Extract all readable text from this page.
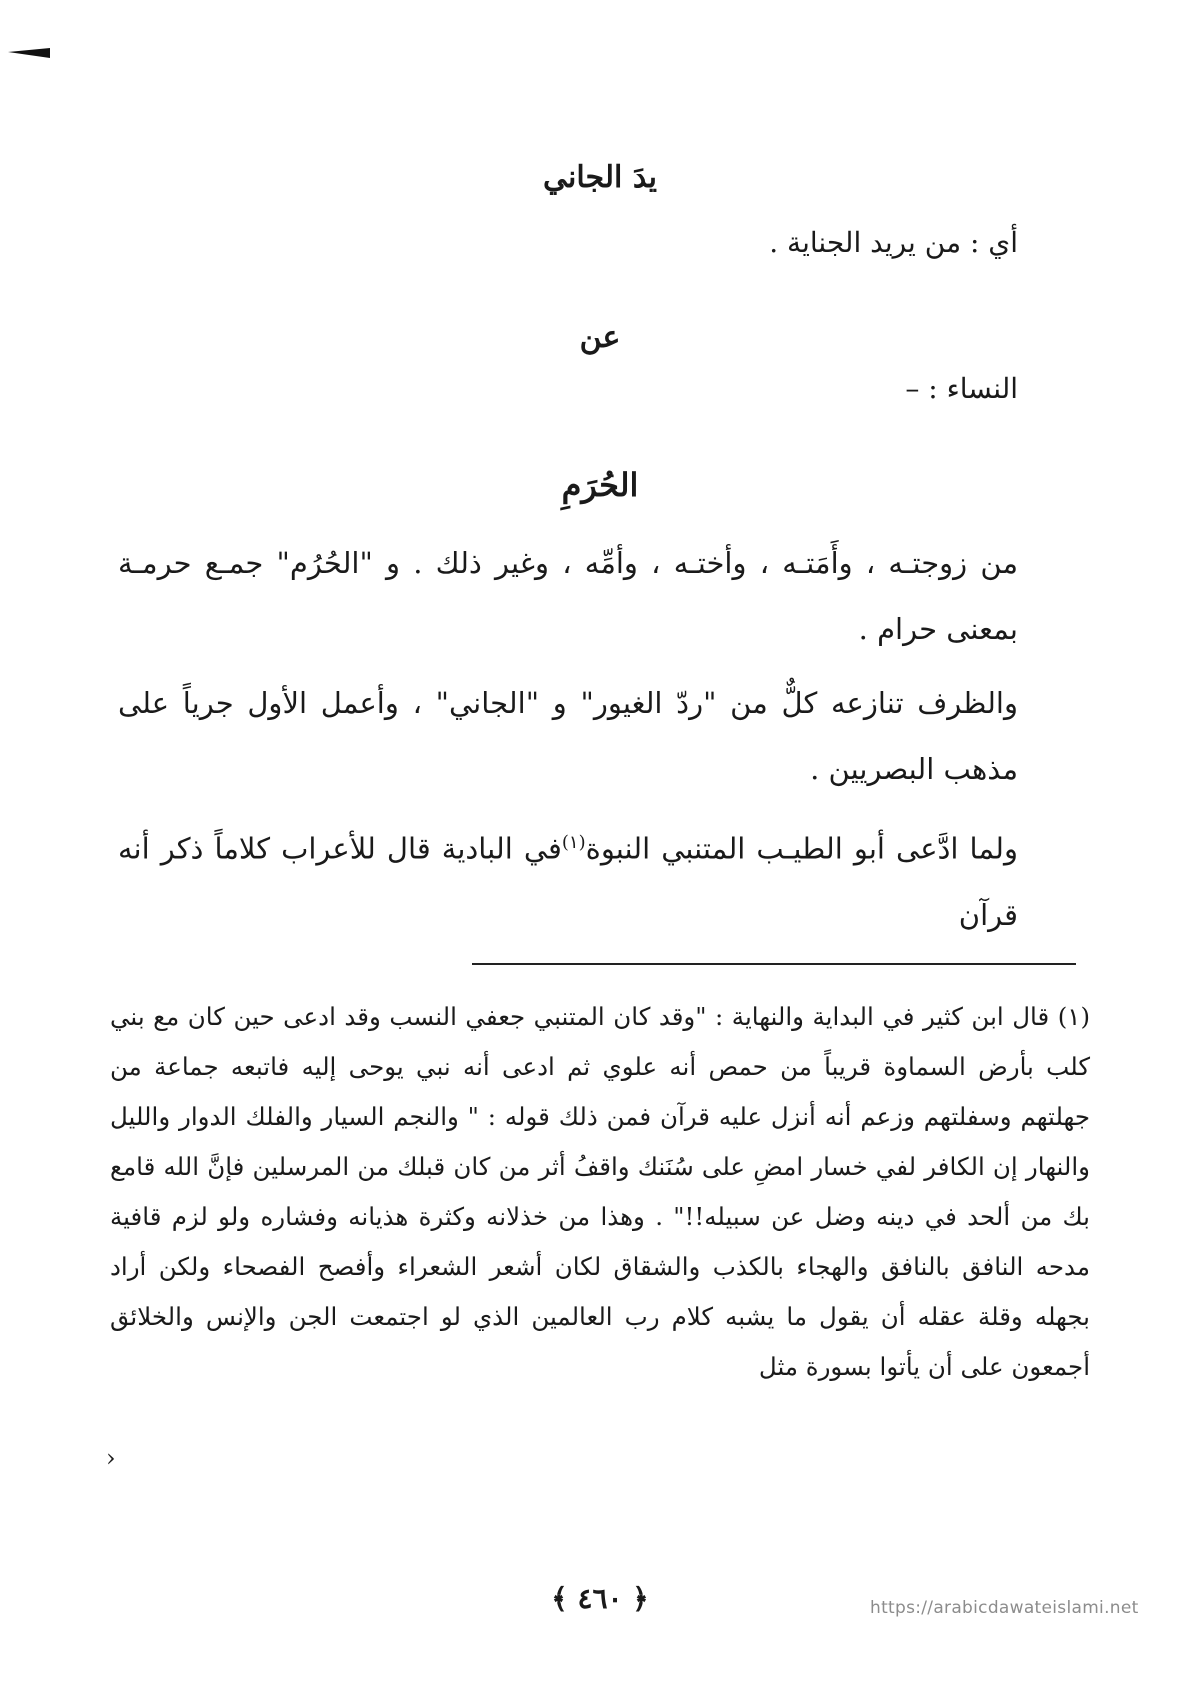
يدَ الجاني
أي : من يريد الجناية .
عن
النساء : –
الحُرَمِ
من زوجتـه ، وأَمَتـه ، وأختـه ، وأمِّه ، وغير ذلك . و "الحُرُم" جمـع حرمـة بمعنى حرام .
والظرف تنازعه كلٌّ من "ردّ الغيور" و "الجاني" ، وأعمل الأول جرياً على مذهب البصريين .
ولما ادَّعى أبو الطيـب المتنبي النبوة$^{(١)}$في البادية قال للأعراب كلاماً ذكر أنه قرآن
(١) قال ابن كثير في البداية والنهاية : "وقد كان المتنبي جعفي النسب وقد ادعى حين كان مع بني كلب بأرض السماوة قريباً من حمص أنه علوي ثم ادعى أنه نبي يوحى إليه فاتبعه جماعة من جهلتهم وسفلتهم وزعم أنه أنزل عليه قرآن فمن ذلك قوله : " والنجم السيار والفلك الدوار والليل والنهار إن الكافر لفي خسار امضِ على سُنَنك واقفُ أثر من كان قبلك من المرسلين فإنَّ الله قامع بك من ألحد في دينه وضل عن سبيله!!" . وهذا من خذلانه وكثرة هذيانه وفشاره ولو لزم قافية مدحه النافق بالنافق والهجاء بالكذب والشقاق لكان أشعر الشعراء وأفصح الفصحاء ولكن أراد بجهله وقلة عقله أن يقول ما يشبه كلام رب العالمين الذي لو اجتمعت الجن والإنس والخلائق أجمعون على أن يأتوا بسورة مثل
›
﴿ ٤٦٠ ﴾	https://arabicdawateislami.net
